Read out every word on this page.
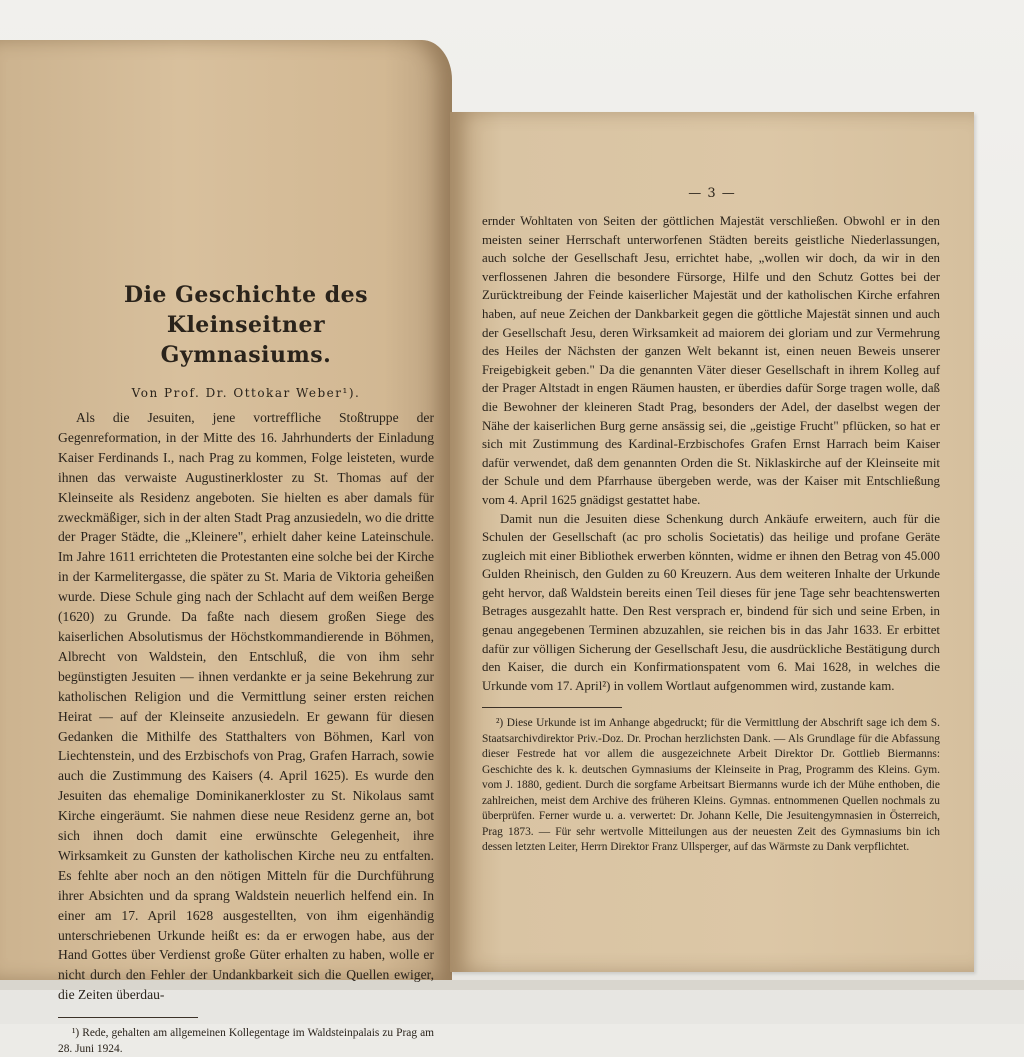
Die Geschichte des Kleinseitner
Gymnasiums.

Von Prof. Dr. Ottokar Weber¹).

Als die Jesuiten, jene vortreffliche Stoßtruppe der Gegenreformation, in der Mitte des 16. Jahrhunderts der Einladung Kaiser Ferdinands I., nach Prag zu kommen, Folge leisteten, wurde ihnen das verwaiste Augustinerkloster zu St. Thomas auf der Kleinseite als Residenz angeboten. Sie hielten es aber damals für zweckmäßiger, sich in der alten Stadt Prag anzusiedeln, wo die dritte der Prager Städte, die „Kleinere", erhielt daher keine Lateinschule. Im Jahre 1611 errichteten die Protestanten eine solche bei der Kirche in der Karmelitergasse, die später zu St. Maria de Viktoria geheißen wurde. Diese Schule ging nach der Schlacht auf dem weißen Berge (1620) zu Grunde. Da faßte nach diesem großen Siege des kaiserlichen Absolutismus der Höchstkommandierende in Böhmen, Albrecht von Waldstein, den Entschluß, die von ihm sehr begünstigten Jesuiten — ihnen verdankte er ja seine Bekehrung zur katholischen Religion und die Vermittlung seiner ersten reichen Heirat — auf der Kleinseite anzusiedeln. Er gewann für diesen Gedanken die Mithilfe des Statthalters von Böhmen, Karl von Liechtenstein, und des Erzbischofs von Prag, Grafen Harrach, sowie auch die Zustimmung des Kaisers (4. April 1625). Es wurde den Jesuiten das ehemalige Dominikanerkloster zu St. Nikolaus samt Kirche eingeräumt. Sie nahmen diese neue Residenz gerne an, bot sich ihnen doch damit eine erwünschte Gelegenheit, ihre Wirksamkeit zu Gunsten der katholischen Kirche neu zu entfalten. Es fehlte aber noch an den nötigen Mitteln für die Durchführung ihrer Absichten und da sprang Waldstein neuerlich helfend ein. In einer am 17. April 1628 ausgestellten, von ihm eigenhändig unterschriebenen Urkunde heißt es: da er erwogen habe, aus der Hand Gottes über Verdienst große Güter erhalten zu haben, wolle er nicht durch den Fehler der Undankbarkeit sich die Quellen ewiger, die Zeiten überdau-

¹) Rede, gehalten am allgemeinen Kollegentage im Waldsteinpalais zu Prag am 28. Juni 1924.

— 3 —

ernder Wohltaten von Seiten der göttlichen Majestät verschließen. Obwohl er in den meisten seiner Herrschaft unterworfenen Städten bereits geistliche Niederlassungen, auch solche der Gesellschaft Jesu, errichtet habe, „wollen wir doch, da wir in den verflossenen Jahren die besondere Fürsorge, Hilfe und den Schutz Gottes bei der Zurücktreibung der Feinde kaiserlicher Majestät und der katholischen Kirche erfahren haben, auf neue Zeichen der Dankbarkeit gegen die göttliche Majestät sinnen und auch der Gesellschaft Jesu, deren Wirksamkeit ad maiorem dei gloriam und zur Vermehrung des Heiles der Nächsten der ganzen Welt bekannt ist, einen neuen Beweis unserer Freigebigkeit geben." Da die genannten Väter dieser Gesellschaft in ihrem Kolleg auf der Prager Altstadt in engen Räumen hausten, er überdies dafür Sorge tragen wolle, daß die Bewohner der kleineren Stadt Prag, besonders der Adel, der daselbst wegen der Nähe der kaiserlichen Burg gerne ansässig sei, die „geistige Frucht" pflücken, so hat er sich mit Zustimmung des Kardinal-Erzbischofes Grafen Ernst Harrach beim Kaiser dafür verwendet, daß dem genannten Orden die St. Niklaskirche auf der Kleinseite mit der Schule und dem Pfarrhause übergeben werde, was der Kaiser mit Entschließung vom 4. April 1625 gnädigst gestattet habe.

Damit nun die Jesuiten diese Schenkung durch Ankäufe erweitern, auch für die Schulen der Gesellschaft (ac pro scholis Societatis) das heilige und profane Geräte zugleich mit einer Bibliothek erwerben könnten, widme er ihnen den Betrag von 45.000 Gulden Rheinisch, den Gulden zu 60 Kreuzern. Aus dem weiteren Inhalte der Urkunde geht hervor, daß Waldstein bereits einen Teil dieses für jene Tage sehr beachtenswerten Betrages ausgezahlt hatte. Den Rest versprach er, bindend für sich und seine Erben, in genau angegebenen Terminen abzuzahlen, sie reichen bis in das Jahr 1633. Er erbittet dafür zur völligen Sicherung der Gesellschaft Jesu, die ausdrückliche Bestätigung durch den Kaiser, die durch ein Konfirmationspatent vom 6. Mai 1628, in welches die Urkunde vom 17. April²) in vollem Wortlaut aufgenommen wird, zustande kam.

²) Diese Urkunde ist im Anhange abgedruckt; für die Vermittlung der Abschrift sage ich dem S. Staatsarchivdirektor Priv.-Doz. Dr. Prochan herzlichsten Dank. — Als Grundlage für die Abfassung dieser Festrede hat vor allem die ausgezeichnete Arbeit Direktor Dr. Gottlieb Biermanns: Geschichte des k. k. deutschen Gymnasiums der Kleinseite in Prag, Programm des Kleins. Gym. vom J. 1880, gedient. Durch die sorgfame Arbeitsart Biermanns wurde ich der Mühe enthoben, die zahlreichen, meist dem Archive des früheren Kleins. Gymnas. entnommenen Quellen nochmals zu überprüfen. Ferner wurde u. a. verwertet: Dr. Johann Kelle, Die Jesuitengymnasien in Österreich, Prag 1873. — Für sehr wertvolle Mitteilungen aus der neuesten Zeit des Gymnasiums bin ich dessen letzten Leiter, Herrn Direktor Franz Ullsperger, auf das Wärmste zu Dank verpflichtet.
